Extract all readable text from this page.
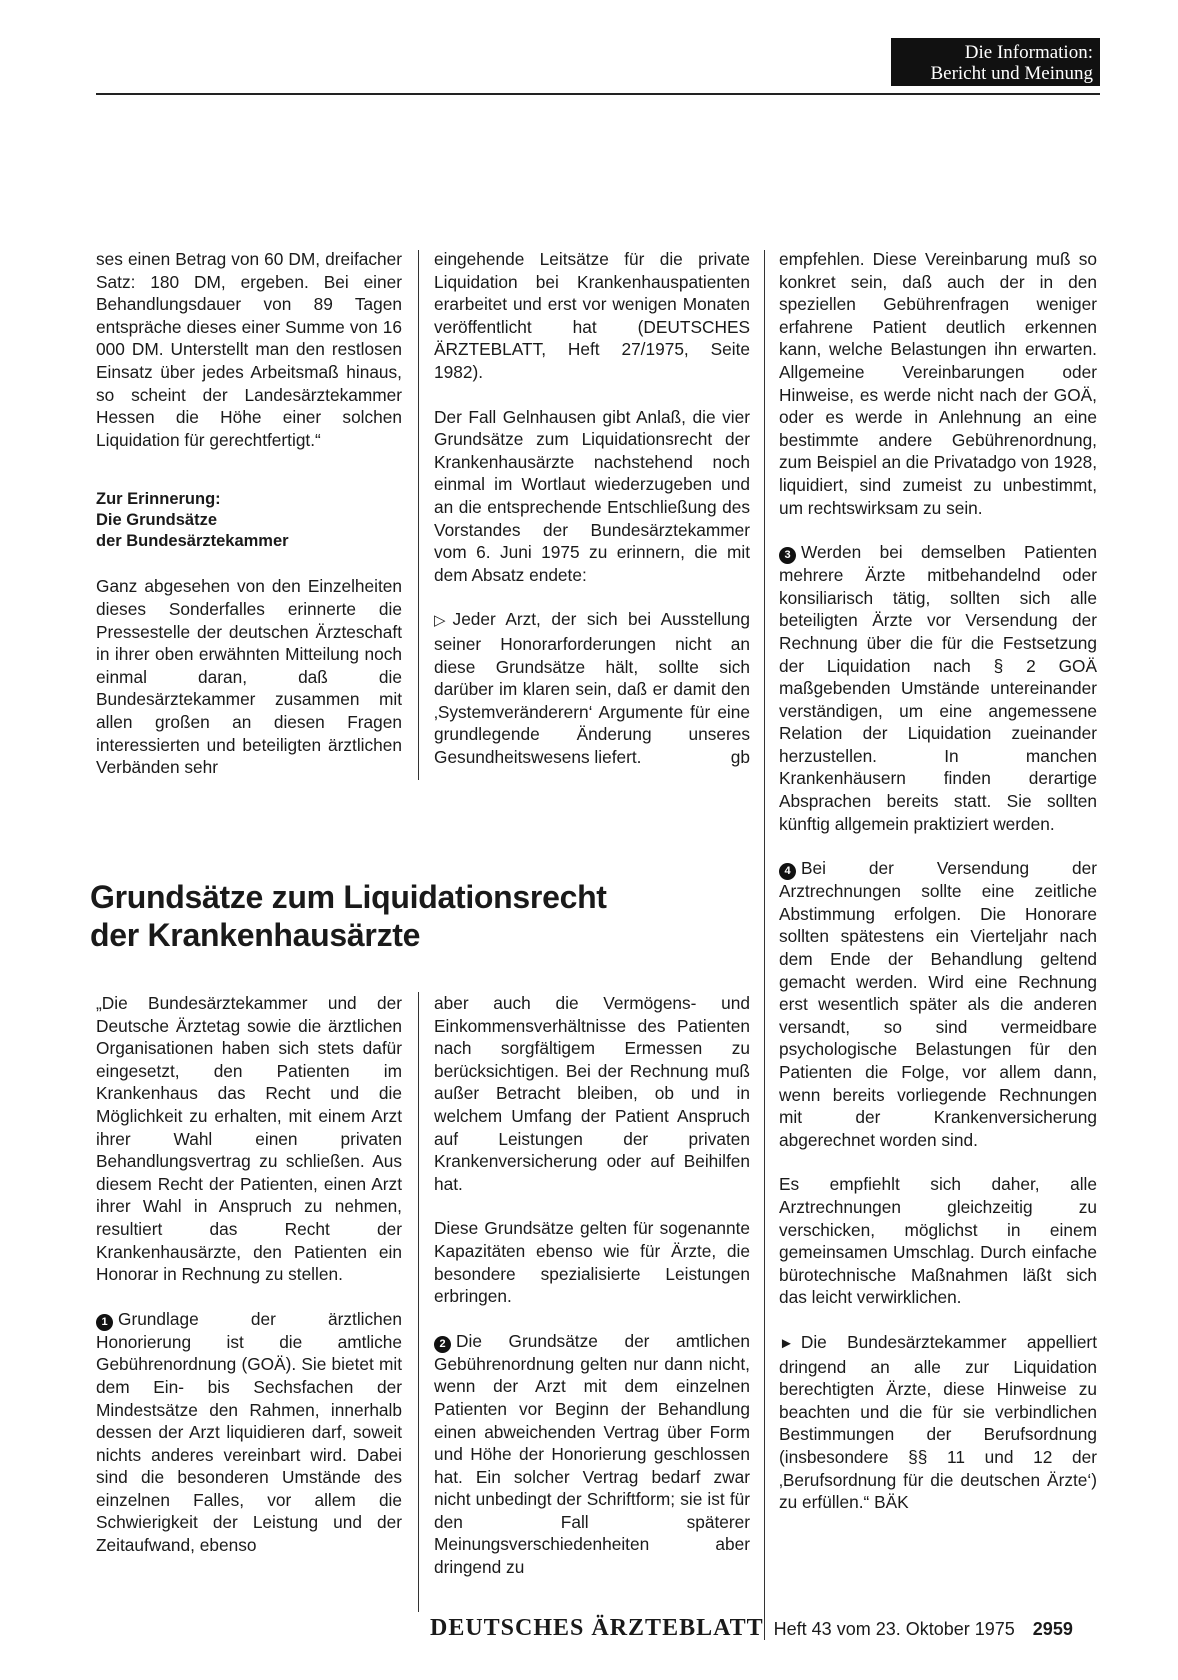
Die Information:
Bericht und Meinung

ses einen Betrag von 60 DM, dreifacher Satz: 180 DM, ergeben. Bei einer Behandlungsdauer von 89 Tagen entspräche dieses einer Summe von 16 000 DM. Unterstellt man den restlosen Einsatz über jedes Arbeitsmaß hinaus, so scheint der Landesärztekammer Hessen die Höhe einer solchen Liquidation für gerechtfertigt.“

Zur Erinnerung:
Die Grundsätze
der Bundesärztekammer

Ganz abgesehen von den Einzelheiten dieses Sonderfalles erinnerte die Pressestelle der deutschen Ärzteschaft in ihrer oben erwähnten Mitteilung noch einmal daran, daß die Bundesärztekammer zusammen mit allen großen an diesen Fragen interessierten und beteiligten ärztlichen Verbänden sehr

eingehende Leitsätze für die private Liquidation bei Krankenhauspatienten erarbeitet und erst vor wenigen Monaten veröffentlicht hat (DEUTSCHES ÄRZTEBLATT, Heft 27/1975, Seite 1982).

Der Fall Gelnhausen gibt Anlaß, die vier Grundsätze zum Liquidationsrecht der Krankenhausärzte nachstehend noch einmal im Wortlaut wiederzugeben und an die entsprechende Entschließung des Vorstandes der Bundesärztekammer vom 6. Juni 1975 zu erinnern, die mit dem Absatz endete:

▷ Jeder Arzt, der sich bei Ausstellung seiner Honorarforderungen nicht an diese Grundsätze hält, sollte sich darüber im klaren sein, daß er damit den ‚Systemveränderern‘ Argumente für eine grundlegende Änderung unseres Gesundheitswesens liefert.	gb

Grundsätze zum Liquidationsrecht
der Krankenhausärzte

„Die Bundesärztekammer und der Deutsche Ärztetag sowie die ärztlichen Organisationen haben sich stets dafür eingesetzt, den Patienten im Krankenhaus das Recht und die Möglichkeit zu erhalten, mit einem Arzt ihrer Wahl einen privaten Behandlungsvertrag zu schließen. Aus diesem Recht der Patienten, einen Arzt ihrer Wahl in Anspruch zu nehmen, resultiert das Recht der Krankenhausärzte, den Patienten ein Honorar in Rechnung zu stellen.

1 Grundlage der ärztlichen Honorierung ist die amtliche Gebührenordnung (GOÄ). Sie bietet mit dem Ein- bis Sechsfachen der Mindestsätze den Rahmen, innerhalb dessen der Arzt liquidieren darf, soweit nichts anderes vereinbart wird. Dabei sind die besonderen Umstände des einzelnen Falles, vor allem die Schwierigkeit der Leistung und der Zeitaufwand, ebenso

aber auch die Vermögens- und Einkommensverhältnisse des Patienten nach sorgfältigem Ermessen zu berücksichtigen. Bei der Rechnung muß außer Betracht bleiben, ob und in welchem Umfang der Patient Anspruch auf Leistungen der privaten Krankenversicherung oder auf Beihilfen hat.

Diese Grundsätze gelten für sogenannte Kapazitäten ebenso wie für Ärzte, die besondere spezialisierte Leistungen erbringen.

2 Die Grundsätze der amtlichen Gebührenordnung gelten nur dann nicht, wenn der Arzt mit dem einzelnen Patienten vor Beginn der Behandlung einen abweichenden Vertrag über Form und Höhe der Honorierung geschlossen hat. Ein solcher Vertrag bedarf zwar nicht unbedingt der Schriftform; sie ist für den Fall späterer Meinungsverschiedenheiten aber dringend zu

empfehlen. Diese Vereinbarung muß so konkret sein, daß auch der in den speziellen Gebührenfragen weniger erfahrene Patient deutlich erkennen kann, welche Belastungen ihn erwarten. Allgemeine Vereinbarungen oder Hinweise, es werde nicht nach der GOÄ, oder es werde in Anlehnung an eine bestimmte andere Gebührenordnung, zum Beispiel an die Privatadgo von 1928, liquidiert, sind zumeist zu unbestimmt, um rechtswirksam zu sein.

3 Werden bei demselben Patienten mehrere Ärzte mitbehandelnd oder konsiliarisch tätig, sollten sich alle beteiligten Ärzte vor Versendung der Rechnung über die für die Festsetzung der Liquidation nach § 2 GOÄ maßgebenden Umstände untereinander verständigen, um eine angemessene Relation der Liquidation zueinander herzustellen. In manchen Krankenhäusern finden derartige Absprachen bereits statt. Sie sollten künftig allgemein praktiziert werden.

4 Bei der Versendung der Arztrechnungen sollte eine zeitliche Abstimmung erfolgen. Die Honorare sollten spätestens ein Vierteljahr nach dem Ende der Behandlung geltend gemacht werden. Wird eine Rechnung erst wesentlich später als die anderen versandt, so sind vermeidbare psychologische Belastungen für den Patienten die Folge, vor allem dann, wenn bereits vorliegende Rechnungen mit der Krankenversicherung abgerechnet worden sind.

Es empfiehlt sich daher, alle Arztrechnungen gleichzeitig zu verschicken, möglichst in einem gemeinsamen Umschlag. Durch einfache bürotechnische Maßnahmen läßt sich das leicht verwirklichen.

► Die Bundesärztekammer appelliert dringend an alle zur Liquidation berechtigten Ärzte, diese Hinweise zu beachten und die für sie verbindlichen Bestimmungen der Berufsordnung (insbesondere §§ 11 und 12 der ‚Berufsordnung für die deutschen Ärzte‘) zu erfüllen.“ BÄK

DEUTSCHES ÄRZTEBLATT Heft 43 vom 23. Oktober 1975 2959
